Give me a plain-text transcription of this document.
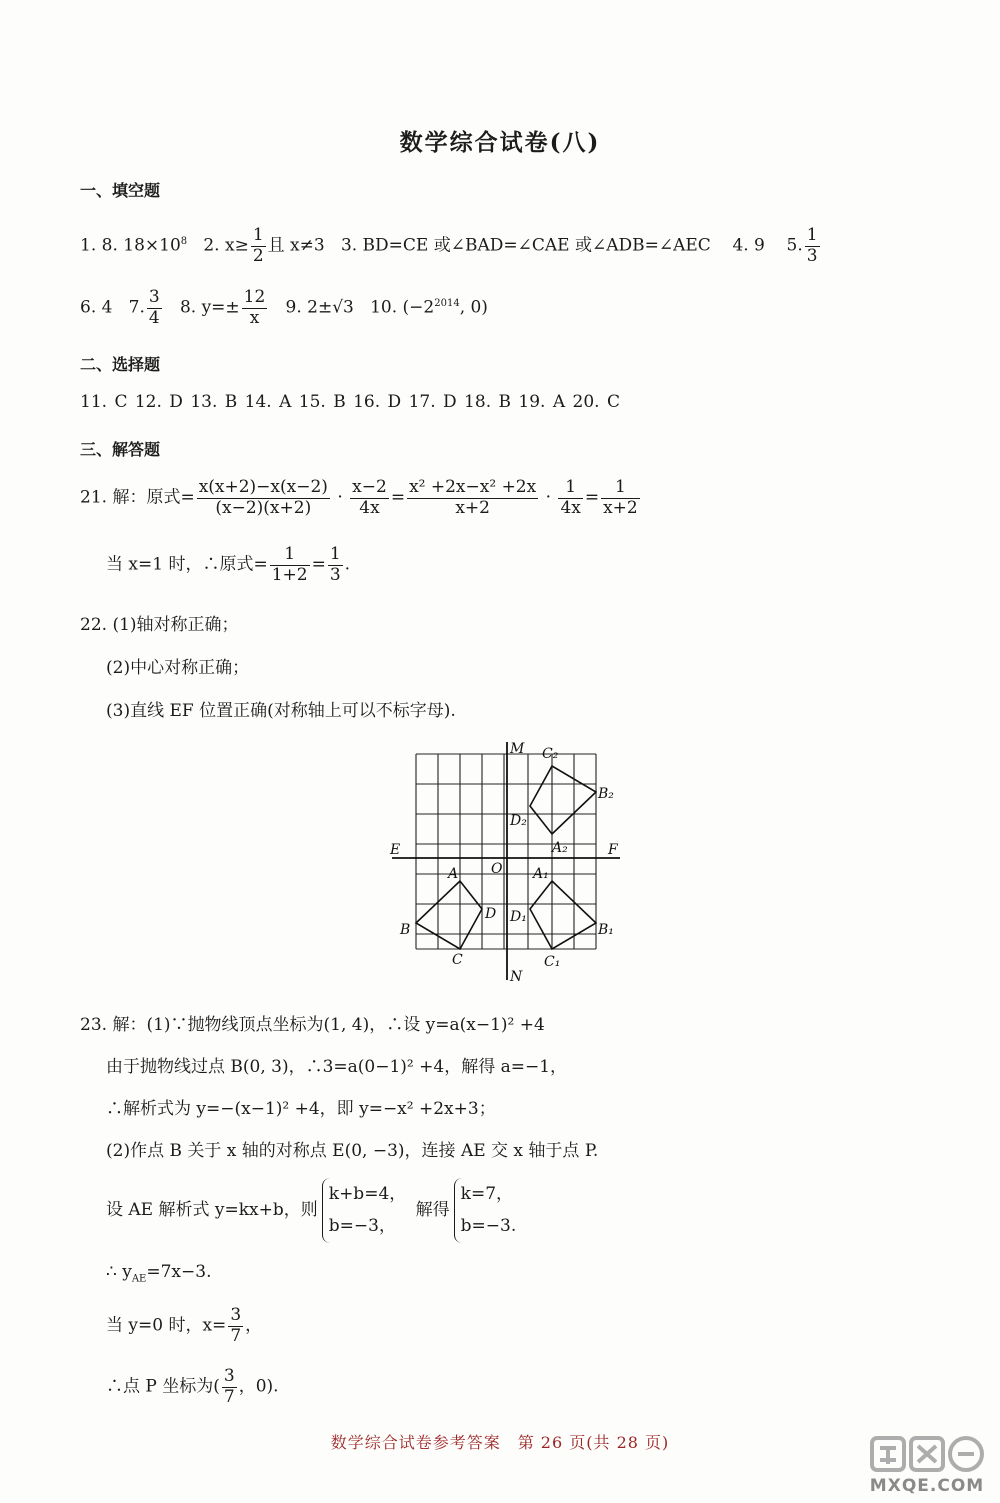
数学综合试卷(八)
一、填空题
1. 8. $18\times 10^8$ 2. $x\ge \frac{1}{2}$ 且 x≠3 3. BD=CE 或∠BAD=∠CAE 或∠ADB=∠AEC 4. 9 5. $\frac{1}{3}$
6. 4 7. $\frac{3}{4} 8$. $y=\pm \frac{12}{x} 9$. 2±√3 10. ($-2^{2014}$, 0)
二、选择题
11. C 12. D 13. B 14. A 15. B 16. D 17. D 18. B 19. A 20. C
三、解答题
21. 解：原式= $\frac{x(x+2)-x(x-2)}{(x-2)(x+2)} \cdot \frac{x-2}{4x} = \frac{\text{x² +2x−x² +2x}}{x+2} \cdot \frac{1}{4x} = \frac{1}{x+2}$
当 x=1 时，∴原式= $\frac{1}{1+2} = \frac{1}{3}$ .
22. (1)轴对称正确；
(2)中心对称正确；
(3)直线 EF 位置正确(对称轴上可以不标字母).
M
N
E	F
O
A
B
C
D
A₁
B₁
C₁
D₁
A₂
B₂
C₂
D₂
23. 解：(1)∵抛物线顶点坐标为(1, 4)，∴设 y=a(x−1)² +4
由于抛物线过点 B(0, 3)，∴3=a(0−1)² +4，解得 a=−1，
∴解析式为 y=−(x−1)² +4，即 y=−x² +2x+3；
(2)作点 B 关于 x 轴的对称点 E(0, −3)，连接 AE 交 x 轴于点 P.
设 AE 解析式 y=kx+b，则
k+b=4，
b=−3，
解得
k=7，
b=−3.
∴ $y_{AE}=7x-3$.
当 y=0 时，$x= \frac{3}{7}$ ，
∴点 P 坐标为( $\frac{3}{7}$ ，0).
数学综合试卷参考答案　第 26 页(共 28 页)
MXQE.COM
